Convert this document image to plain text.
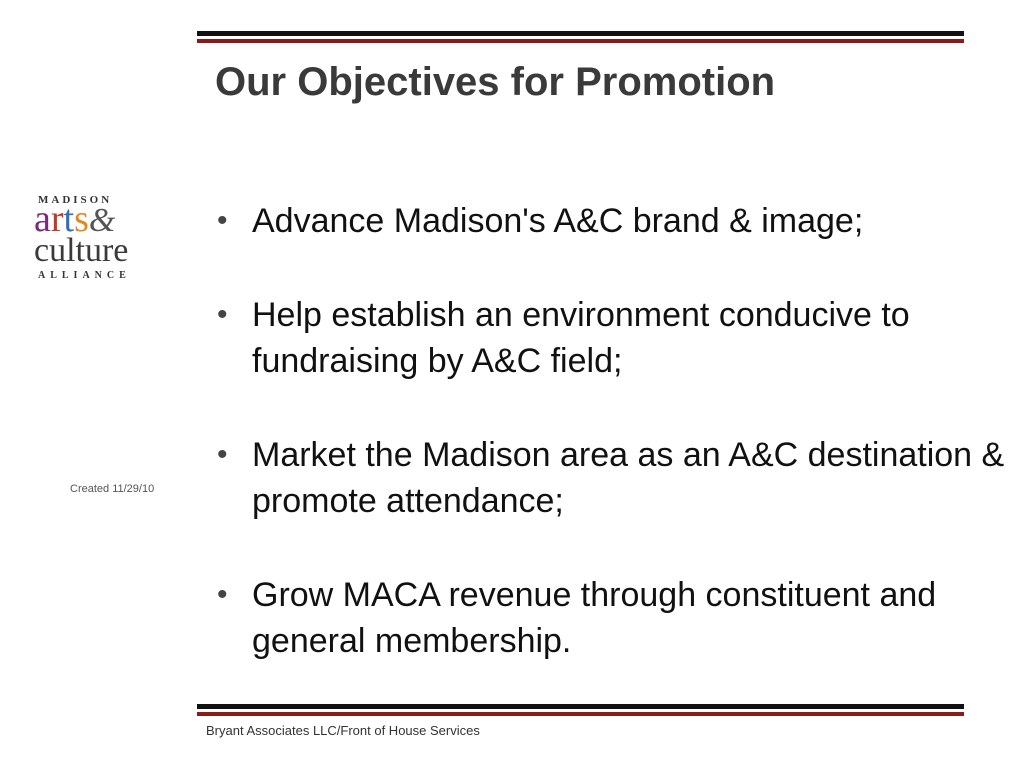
Our Objectives for Promotion
MADISON
arts&
culture
ALLIANCE
Created 11/29/10
• Advance Madison's A&C brand & image;
• Help establish an environment conducive to fundraising by A&C field;
• Market the Madison area as an A&C destination & promote attendance;
• Grow MACA revenue through constituent and general membership.
Bryant Associates LLC/Front of House Services
